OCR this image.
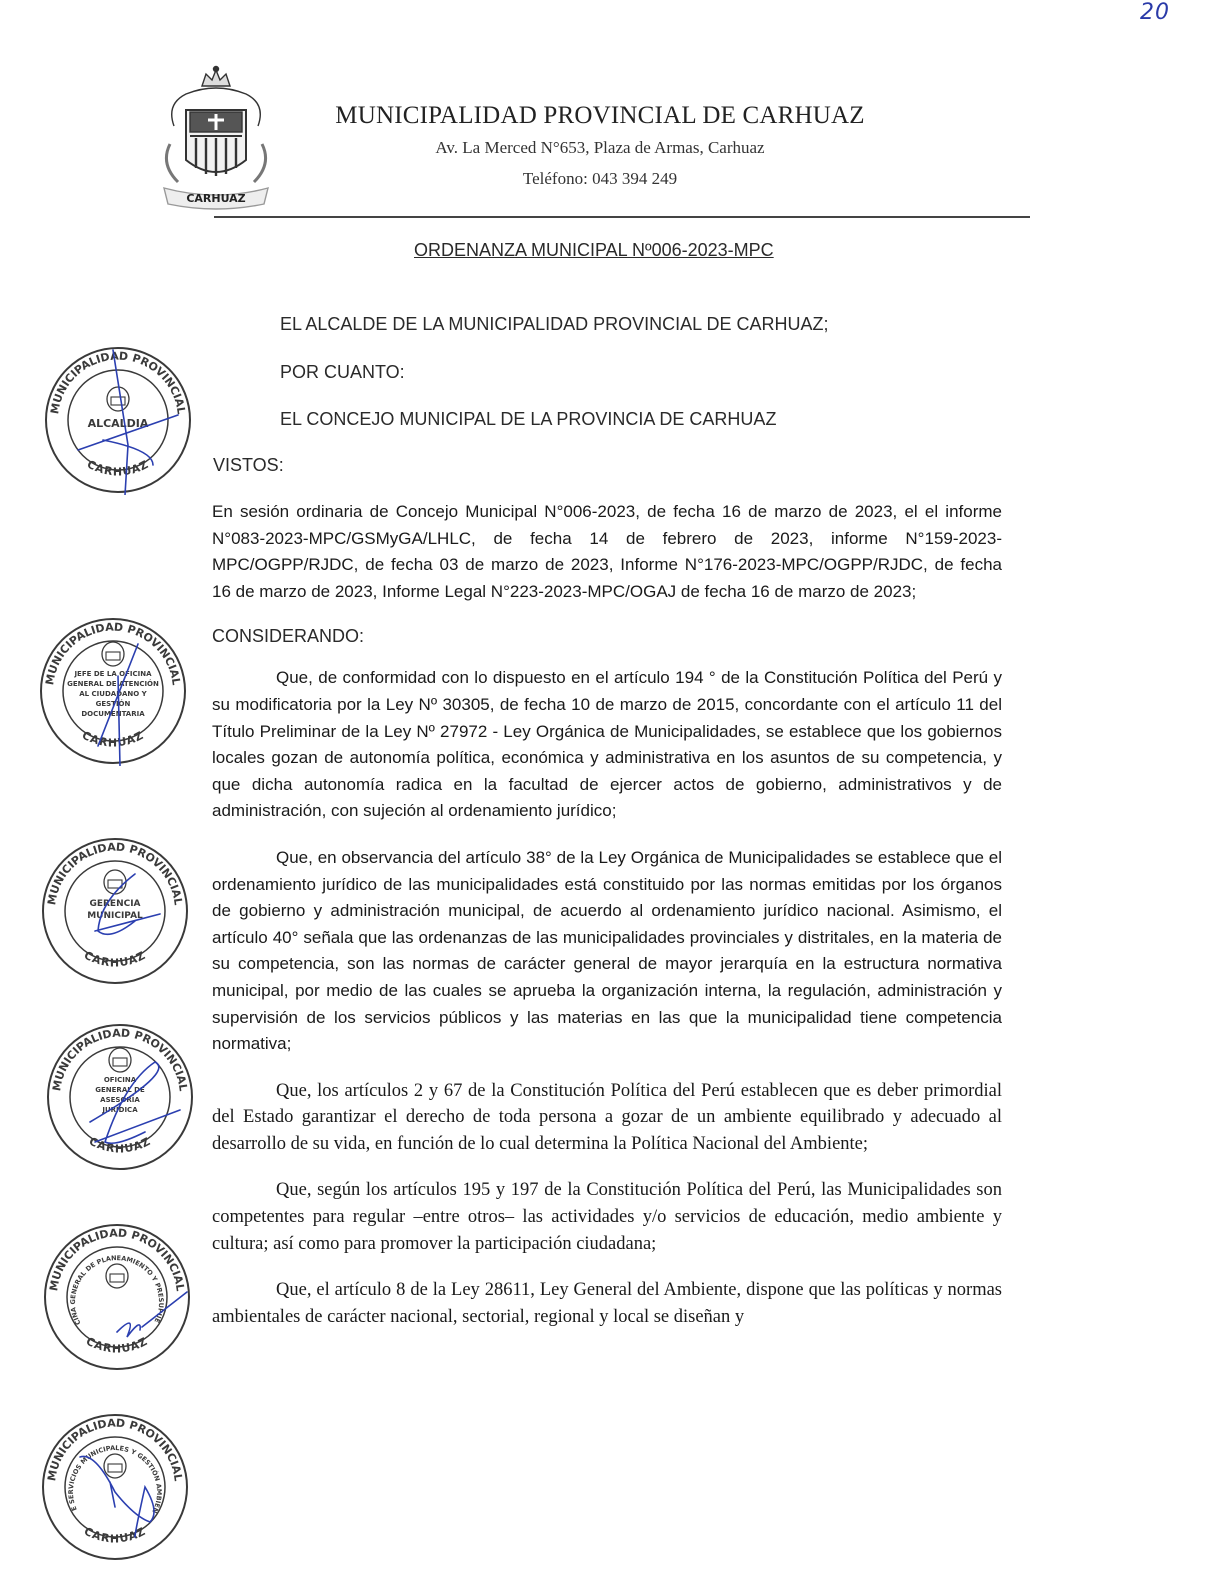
20
CARHUAZ
MUNICIPALIDAD PROVINCIAL DE CARHUAZ
Av. La Merced N°653, Plaza de Armas, Carhuaz
Teléfono: 043 394 249
ORDENANZA MUNICIPAL Nº006-2023-MPC
EL ALCALDE DE LA MUNICIPALIDAD PROVINCIAL DE CARHUAZ;
POR CUANTO:
EL CONCEJO MUNICIPAL DE LA PROVINCIA DE CARHUAZ
VISTOS:
En sesión ordinaria de Concejo Municipal N°006-2023, de fecha 16 de marzo de 2023, el el informe N°083-2023-MPC/GSMyGA/LHLC, de fecha 14 de febrero de 2023, informe N°159-2023-MPC/OGPP/RJDC, de fecha 03 de marzo de 2023, Informe N°176-2023-MPC/OGPP/RJDC, de fecha 16 de marzo de 2023, Informe Legal N°223-2023-MPC/OGAJ de fecha 16 de marzo de 2023;
CONSIDERANDO:
Que, de conformidad con lo dispuesto en el artículo 194 ° de la Constitución Política del Perú y su modificatoria por la Ley Nº 30305, de fecha 10 de marzo de 2015, concordante con el artículo 11 del Título Preliminar de la Ley Nº 27972 - Ley Orgánica de Municipalidades, se establece que los gobiernos locales gozan de autonomía política, económica y administrativa en los asuntos de su competencia, y que dicha autonomía radica en la facultad de ejercer actos de gobierno, administrativos y de administración, con sujeción al ordenamiento jurídico;
Que, en observancia del artículo 38° de la Ley Orgánica de Municipalidades se establece que el ordenamiento jurídico de las municipalidades está constituido por las normas emitidas por los órganos de gobierno y administración municipal, de acuerdo al ordenamiento jurídico nacional. Asimismo, el artículo 40° señala que las ordenanzas de las municipalidades provinciales y distritales, en la materia de su competencia, son las normas de carácter general de mayor jerarquía en la estructura normativa municipal, por medio de las cuales se aprueba la organización interna, la regulación, administración y supervisión de los servicios públicos y las materias en las que la municipalidad tiene competencia normativa;
Que, los artículos 2 y 67 de la Constitución Política del Perú establecen que es deber primordial del Estado garantizar el derecho de toda persona a gozar de un ambiente equilibrado y adecuado al desarrollo de su vida, en función de lo cual determina la Política Nacional del Ambiente;
Que, según los artículos 195 y 197 de la Constitución Política del Perú, las Municipalidades son competentes para regular –entre otros– las actividades y/o servicios de educación, medio ambiente y cultura; así como para promover la participación ciudadana;
Que, el artículo 8 de la Ley 28611, Ley General del Ambiente, dispone que las políticas y normas ambientales de carácter nacional, sectorial, regional y local se diseñan y
MUNICIPALIDAD PROVINCIAL
CARHUAZ
ALCALDIA
MUNICIPALIDAD PROVINCIAL
CARHUAZ
JEFE DE LA OFICINA
GENERAL DE ATENCIÓN
AL CIUDADANO Y
GESTIÓN
DOCUMENTARIA
MUNICIPALIDAD PROVINCIAL
CARHUAZ
GERENCIA
MUNICIPAL
MUNICIPALIDAD PROVINCIAL
CARHUAZ
OFICINA
GENERAL DE
ASESORÍA
JURÍDICA
MUNICIPALIDAD PROVINCIAL
CARHUAZ
CINA GENERAL DE PLANEAMIENTO Y PRESUPUE
MUNICIPALIDAD PROVINCIAL
CARHUAZ
E SERVICIOS MUNICIPALES Y GESTIÓN AMBIEN
